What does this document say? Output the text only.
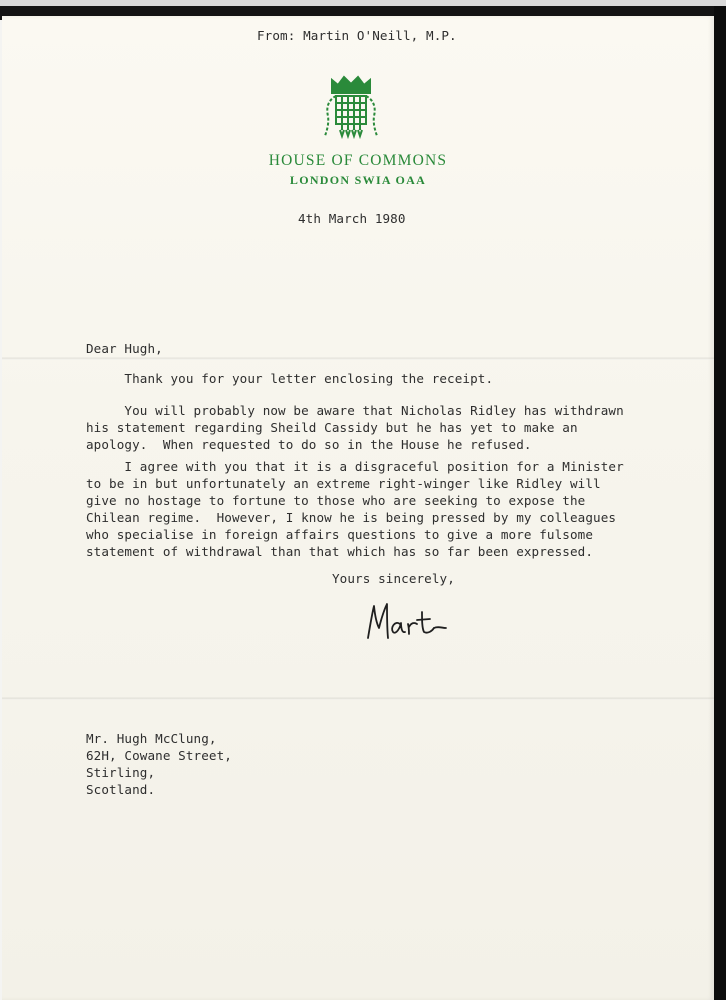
From: Martin O'Neill, M.P.
HOUSE OF COMMONS
LONDON SWIA OAA
4th March 1980
Dear Hugh,
Thank you for your letter enclosing the receipt.
You will probably now be aware that Nicholas Ridley has withdrawn
his statement regarding Sheild Cassidy but he has yet to make an
apology.  When requested to do so in the House he refused.
I agree with you that it is a disgraceful position for a Minister
to be in but unfortunately an extreme right-winger like Ridley will
give no hostage to fortune to those who are seeking to expose the
Chilean regime.  However, I know he is being pressed by my colleagues
who specialise in foreign affairs questions to give a more fulsome
statement of withdrawal than that which has so far been expressed.
Yours sincerely,
Mr. Hugh McClung,
62H, Cowane Street,
Stirling,
Scotland.
